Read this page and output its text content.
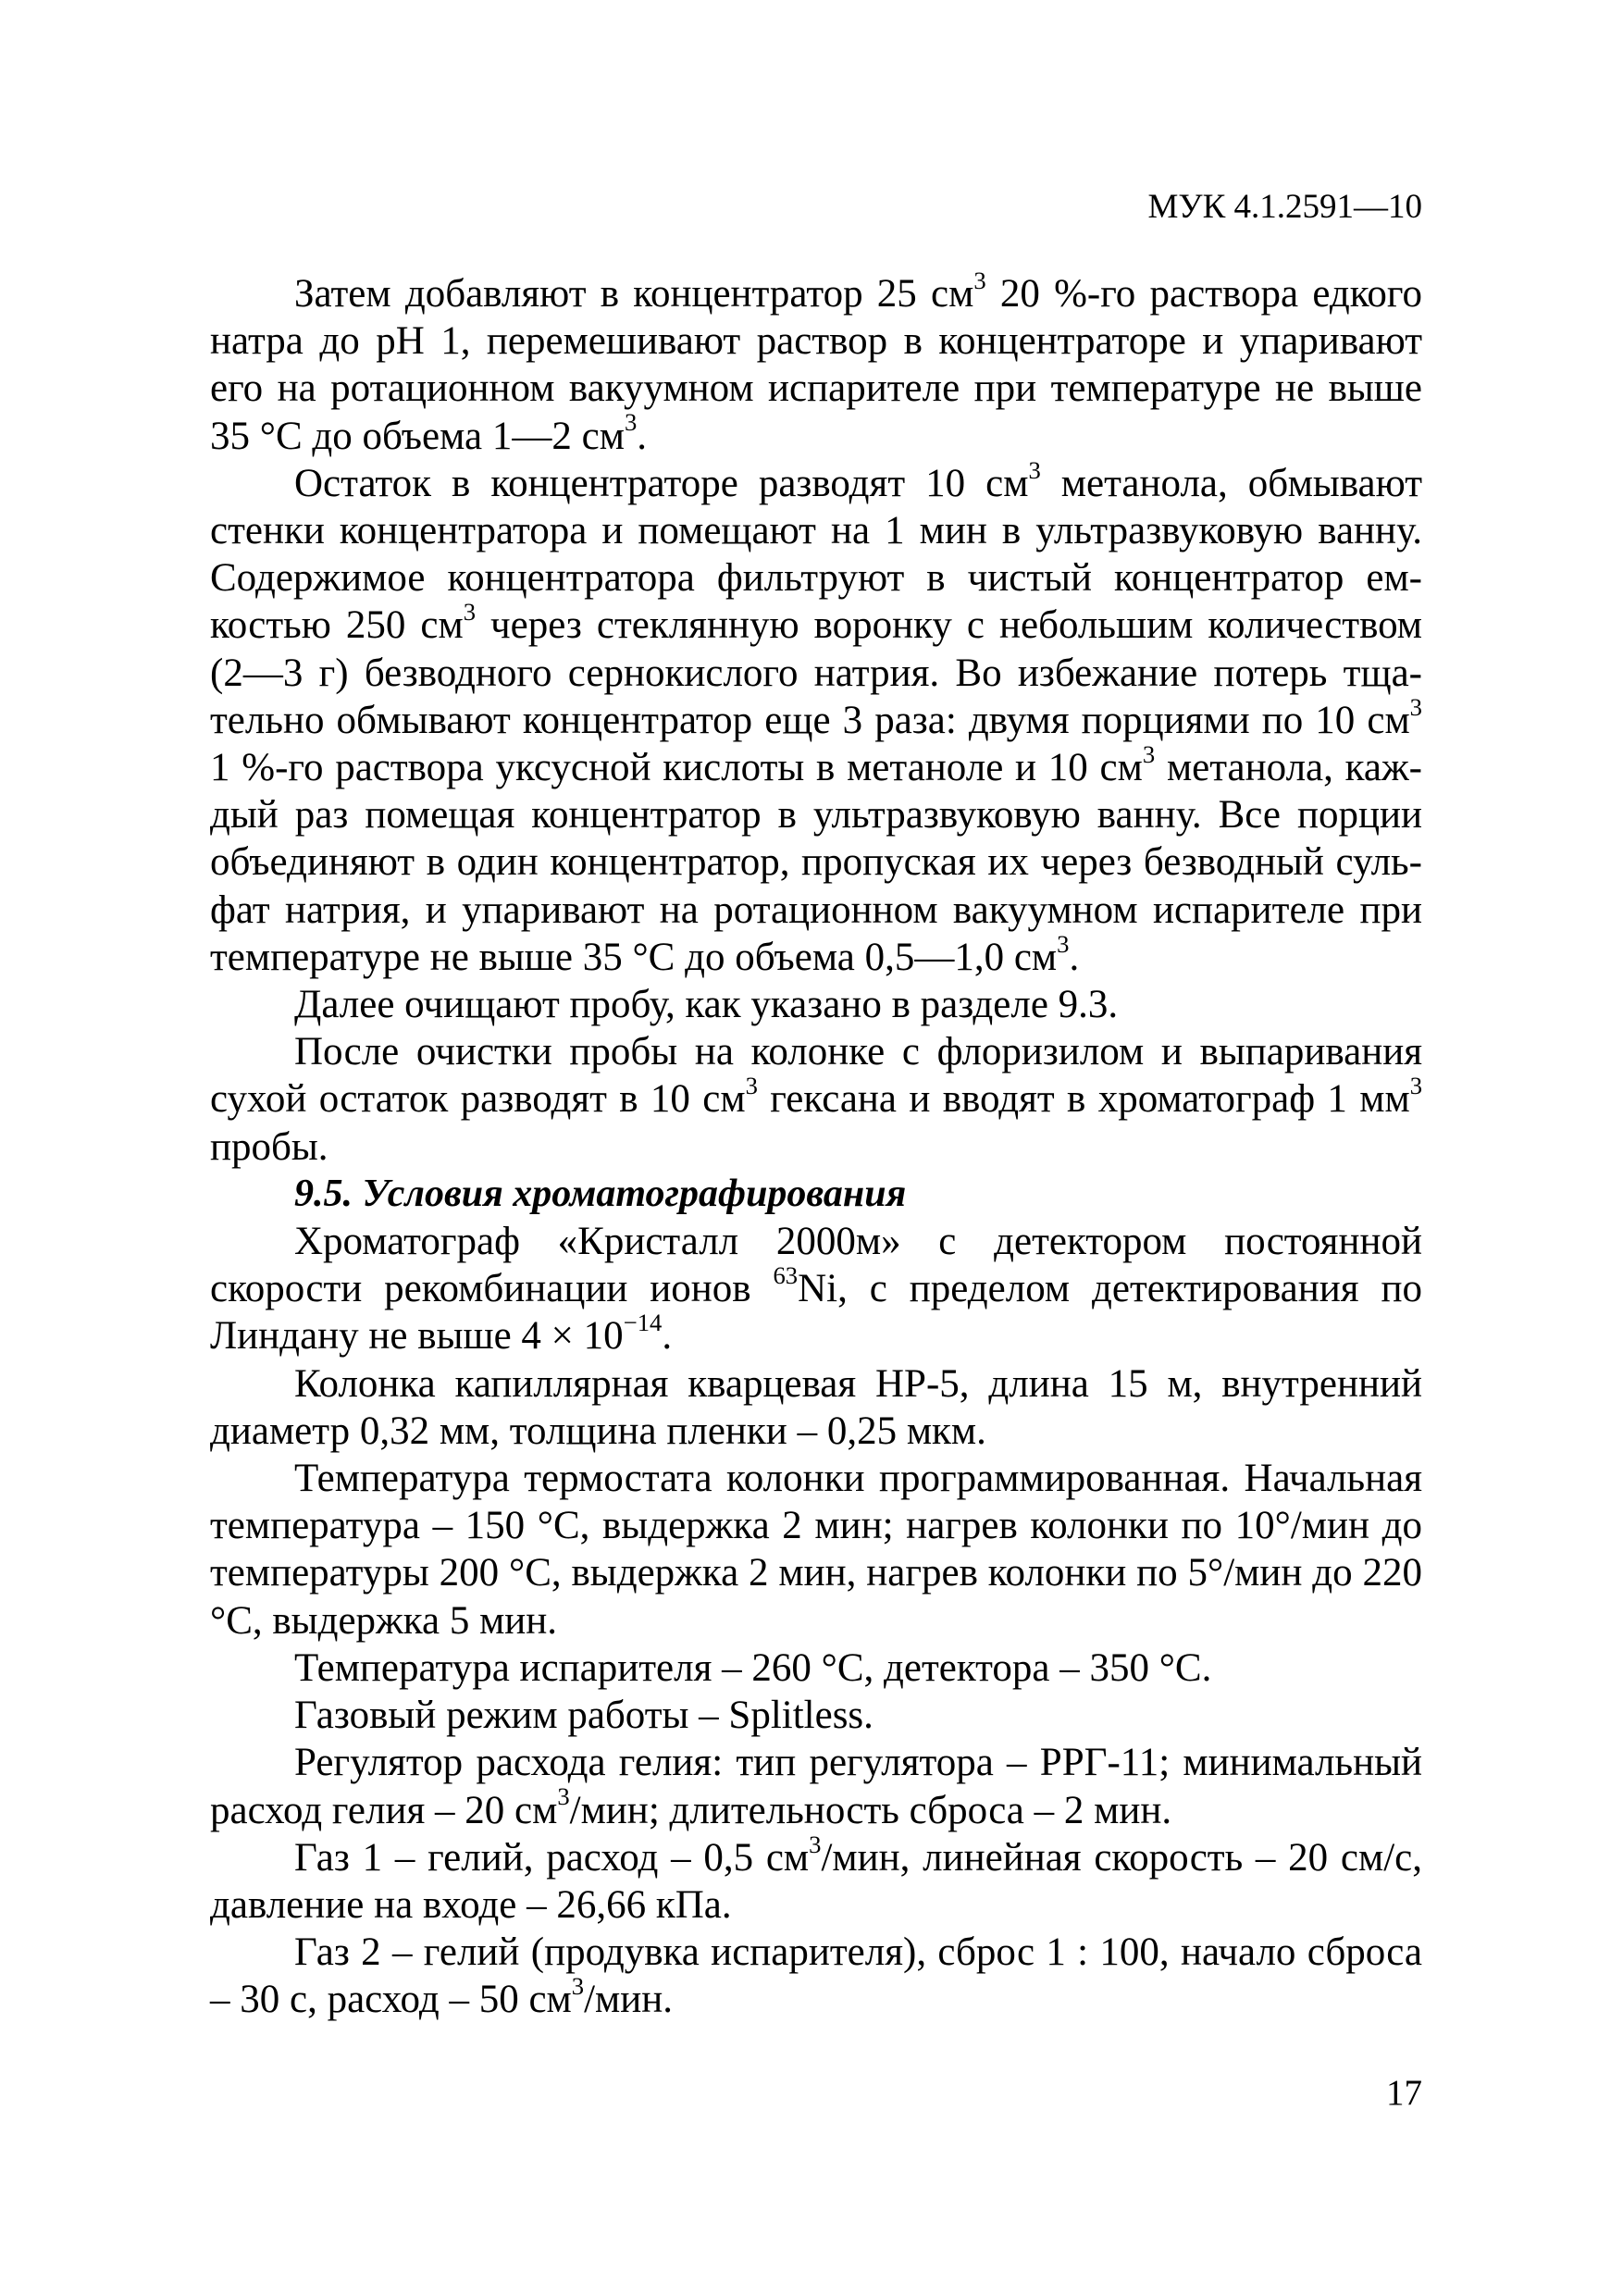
МУК 4.1.2591—10

Затем добавляют в концентратор 25 $см^3$ 20 %-го раствора едкого натра до pH 1, перемешивают раствор в концентраторе и упаривают его на ротационном вакуумном испарителе при температуре не выше 35 °С до объема 1—2 $см^3$.

Остаток в концентраторе разводят 10 $см^3$ метанола, обмывают стенки концентратора и помещают на 1 мин в ультразвуковую ванну. Содержимое концентратора фильтруют в чистый концентратор емкостью 250 $см^3$ через стеклянную воронку с небольшим количеством (2—3 г) безводного сернокислого натрия. Во избежание потерь тщательно обмывают концентратор еще 3 раза: двумя порциями по 10 $см^3$ 1 %-го раствора уксусной кислоты в метаноле и 10 $см^3$ метанола, каждый раз помещая концентратор в ультразвуковую ванну. Все порции объединяют в один концентратор, пропуская их через безводный сульфат натрия, и упаривают на ротационном вакуумном испарителе при температуре не выше 35 °С до объема 0,5—1,0 $см^3$.

Далее очищают пробу, как указано в разделе 9.3.

После очистки пробы на колонке с флоризилом и выпаривания сухой остаток разводят в 10 $см^3$ гексана и вводят в хроматограф 1 $мм^3$ пробы.

9.5. Условия хроматографирования

Хроматограф «Кристалл 2000м» с детектором постоянной скорости рекомбинации ионов $^{63}$Ni, с пределом детектирования по Линдану не выше $4 \times 10^{-14}$.

Колонка капиллярная кварцевая HP-5, длина 15 м, внутренний диаметр 0,32 мм, толщина пленки – 0,25 мкм.

Температура термостата колонки программированная. Начальная температура – 150 °С, выдержка 2 мин; нагрев колонки по 10°/мин до температуры 200 °С, выдержка 2 мин, нагрев колонки по 5°/мин до 220 °С, выдержка 5 мин.

Температура испарителя – 260 °С, детектора – 350 °С.

Газовый режим работы – Splitless.

Регулятор расхода гелия: тип регулятора – РРГ-11; минимальный расход гелия – 20 $см^3$/мин; длительность сброса – 2 мин.

Газ 1 – гелий, расход – 0,5 $см^3$/мин, линейная скорость – 20 см/с, давление на входе – 26,66 кПа.

Газ 2 – гелий (продувка испарителя), сброс 1 : 100, начало сброса – 30 с, расход – 50 $см^3$/мин.

17
